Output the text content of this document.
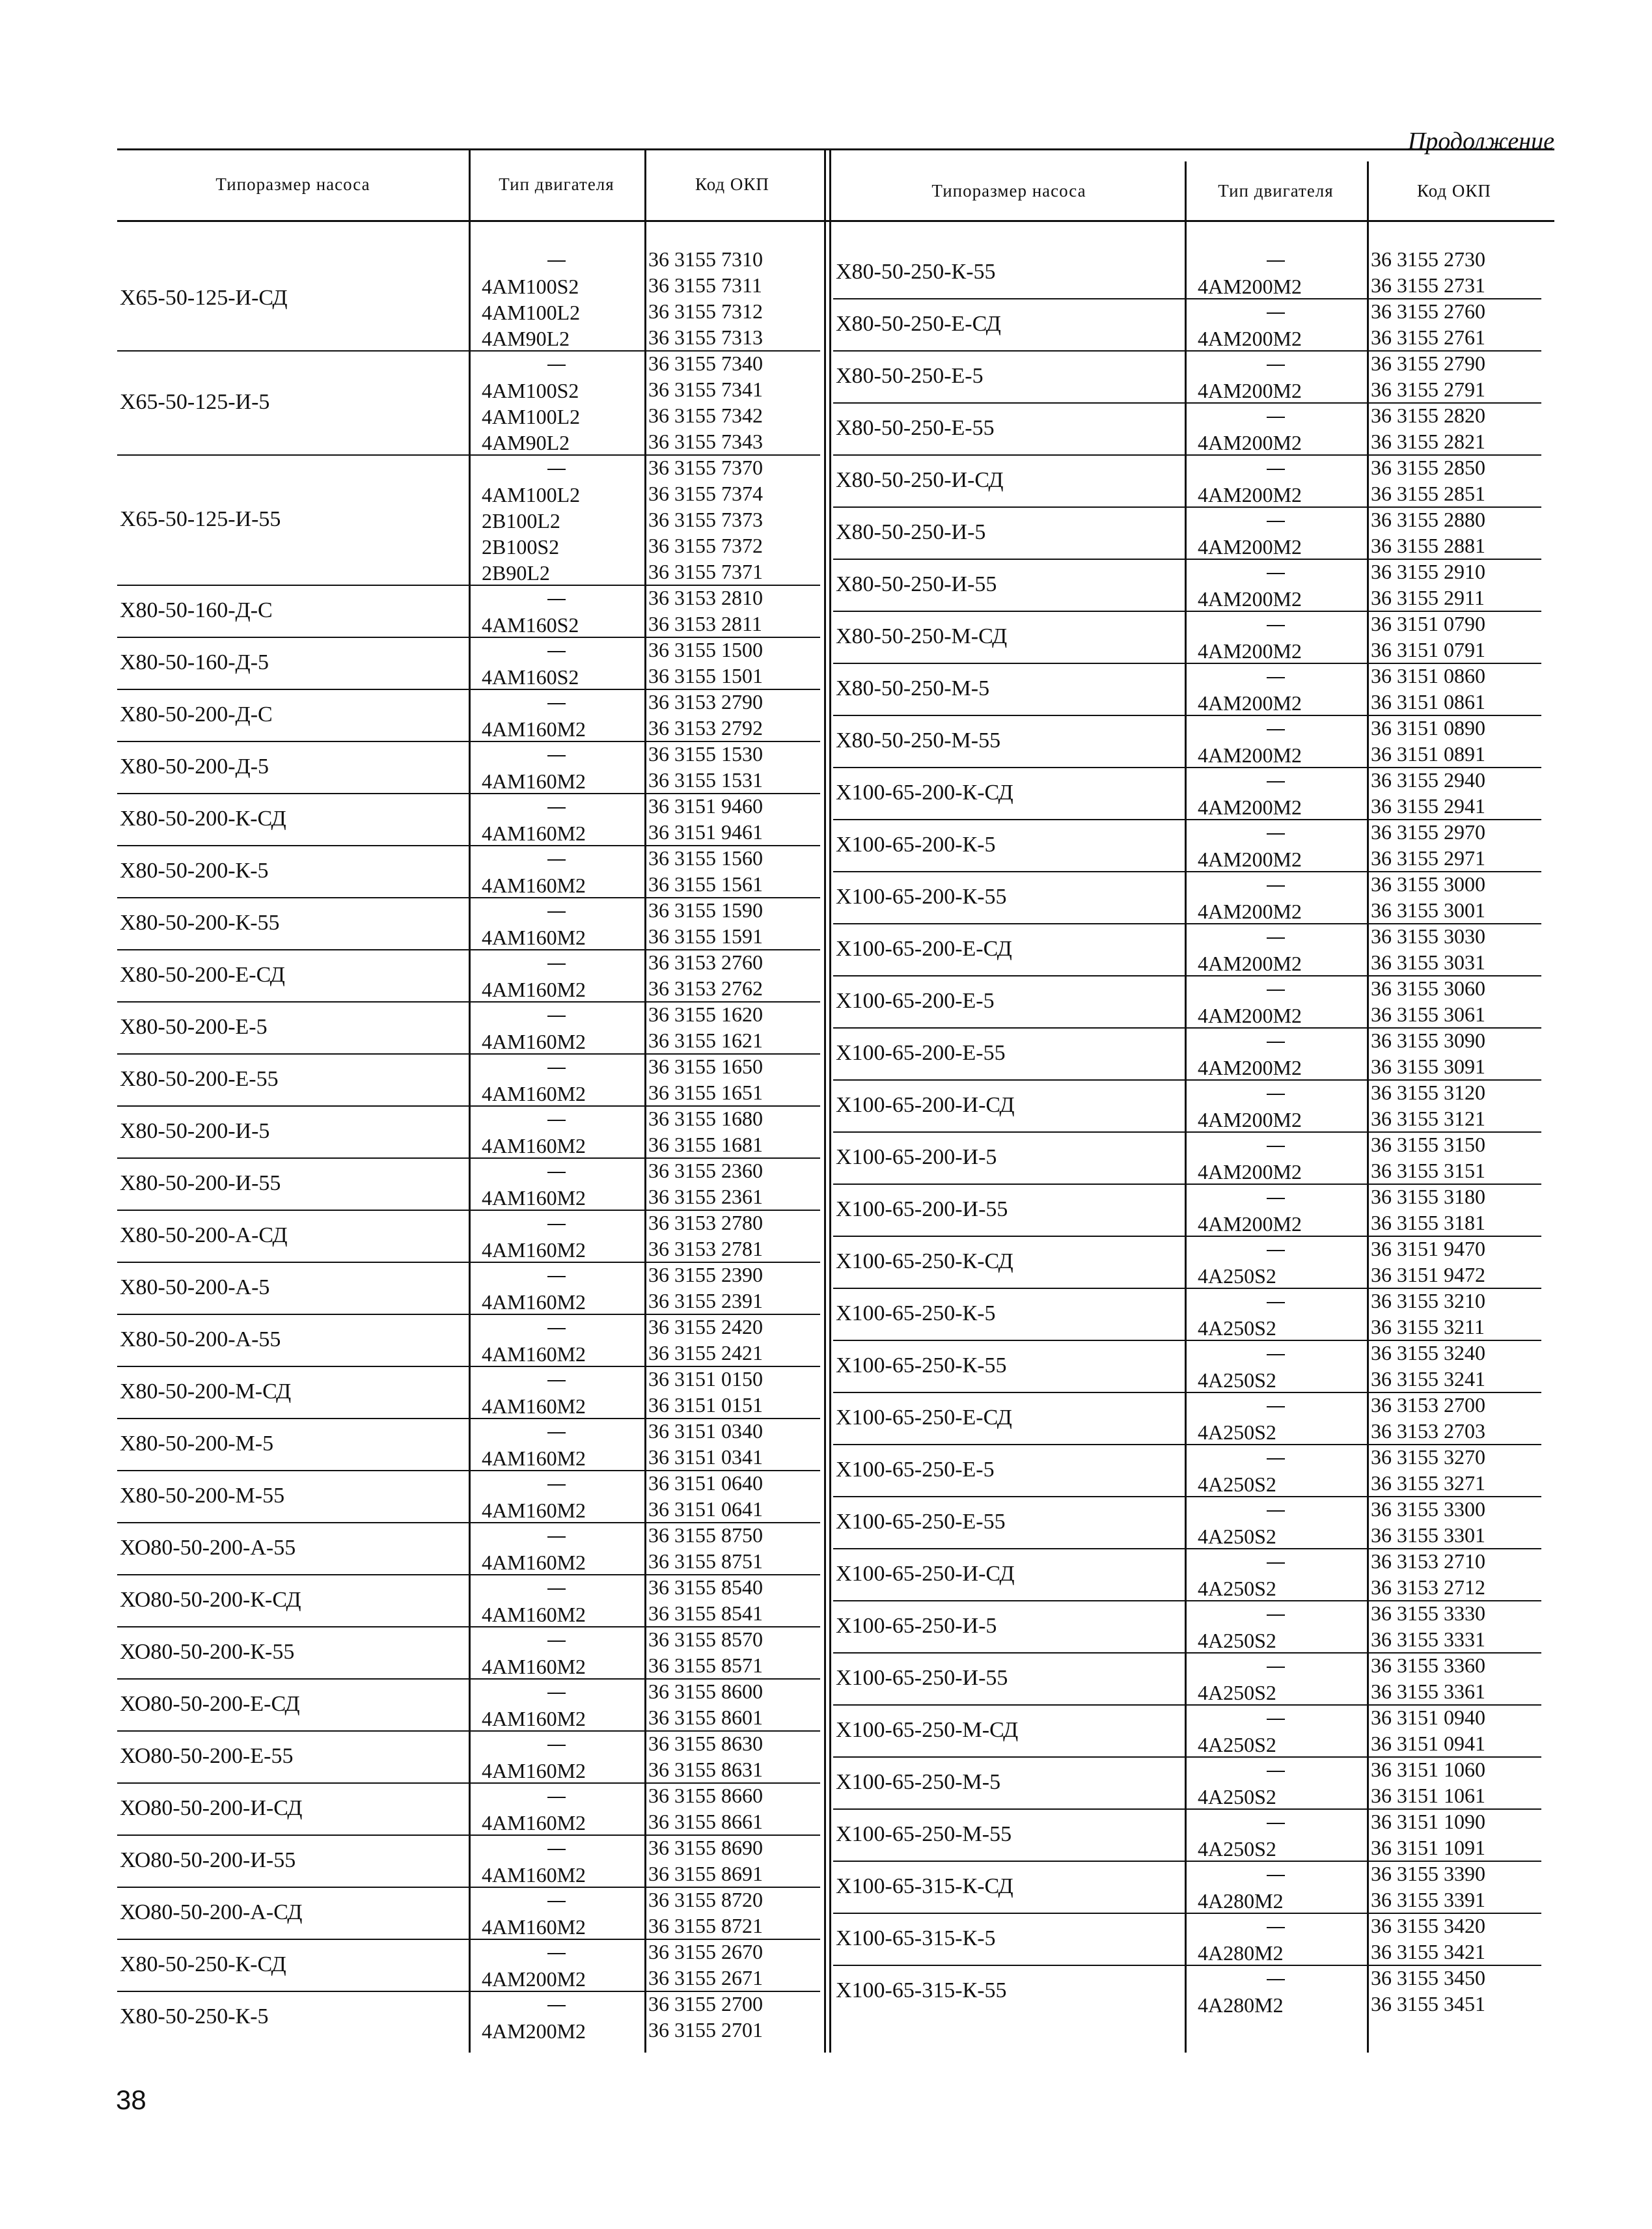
Продолжение
Типоразмер насоса	Тип двигателя	Код ОКП
Х65-50-125-И-СД	4АМ100S2
4АМ100L2
4АМ90L2
36 3155 7310
36 3155 7311
36 3155 7312
36 3155 7313
Х65-50-125-И-5	4АМ100S2
4АМ100L2
4АМ90L2
36 3155 7340
36 3155 7341
36 3155 7342
36 3155 7343
Х65-50-125-И-55
4АМ100L2
2В100L2
2В100S2
2В90L2
36 3155 7370
36 3155 7374
36 3155 7373
36 3155 7372
36 3155 7371
Х80-50-160-Д-С
4АМ160S2
36 3153 2810
36 3153 2811
Х80-50-160-Д-5
4АМ160S2
36 3155 1500
36 3155 1501
Х80-50-200-Д-С
4АМ160М2
36 3153 2790
36 3153 2792
Х80-50-200-Д-5
4АМ160М2
36 3155 1530
36 3155 1531
Х80-50-200-К-СД
4АМ160М2
36 3151 9460
36 3151 9461
Х80-50-200-К-5
4АМ160М2
36 3155 1560
36 3155 1561
Х80-50-200-К-55
4АМ160М2
36 3155 1590
36 3155 1591
Х80-50-200-Е-СД
4АМ160М2
36 3153 2760
36 3153 2762
Х80-50-200-Е-5
4АМ160М2
36 3155 1620
36 3155 1621
Х80-50-200-Е-55
4АМ160М2
36 3155 1650
36 3155 1651
Х80-50-200-И-5
4АМ160М2
36 3155 1680
36 3155 1681
Х80-50-200-И-55
4АМ160М2
36 3155 2360
36 3155 2361
Х80-50-200-А-СД
4АМ160М2
36 3153 2780
36 3153 2781
Х80-50-200-А-5
4АМ160М2
36 3155 2390
36 3155 2391
Х80-50-200-А-55
4АМ160М2
36 3155 2420
36 3155 2421
Х80-50-200-М-СД
4АМ160М2
36 3151 0150
36 3151 0151
Х80-50-200-М-5
4АМ160М2
36 3151 0340
36 3151 0341
Х80-50-200-М-55
4АМ160М2
36 3151 0640
36 3151 0641
ХО80-50-200-А-55
4АМ160М2
36 3155 8750
36 3155 8751
ХО80-50-200-К-СД
4АМ160М2
36 3155 8540
36 3155 8541
ХО80-50-200-К-55
4АМ160М2
36 3155 8570
36 3155 8571
ХО80-50-200-Е-СД
4АМ160М2
36 3155 8600
36 3155 8601
ХО80-50-200-Е-55
4АМ160М2
36 3155 8630
36 3155 8631
ХО80-50-200-И-СД
4АМ160М2
36 3155 8660
36 3155 8661
ХО80-50-200-И-55
4АМ160М2
36 3155 8690
36 3155 8691
ХО80-50-200-А-СД
4АМ160М2
36 3155 8720
36 3155 8721
Х80-50-250-К-СД
4АМ200М2
36 3155 2670
36 3155 2671
Х80-50-250-К-5
4АМ200М2
36 3155 2700
36 3155 2701
Типоразмер насоса	Тип двигателя	Код ОКП
Х80-50-250-К-55
4АМ200М2
36 3155 2730
36 3155 2731
Х80-50-250-Е-СД
4АМ200М2
36 3155 2760
36 3155 2761
Х80-50-250-Е-5
4АМ200М2
36 3155 2790
36 3155 2791
Х80-50-250-Е-55
4АМ200М2
36 3155 2820
36 3155 2821
Х80-50-250-И-СД
4АМ200М2
36 3155 2850
36 3155 2851
Х80-50-250-И-5
4АМ200М2
36 3155 2880
36 3155 2881
Х80-50-250-И-55
4АМ200М2
36 3155 2910
36 3155 2911
Х80-50-250-М-СД
4АМ200М2
36 3151 0790
36 3151 0791
Х80-50-250-М-5
4АМ200М2
36 3151 0860
36 3151 0861
Х80-50-250-М-55
4АМ200М2
36 3151 0890
36 3151 0891
Х100-65-200-К-СД
4АМ200М2
36 3155 2940
36 3155 2941
Х100-65-200-К-5
4АМ200М2
36 3155 2970
36 3155 2971
Х100-65-200-К-55
4АМ200М2
36 3155 3000
36 3155 3001
Х100-65-200-Е-СД
4АМ200М2
36 3155 3030
36 3155 3031
Х100-65-200-Е-5
4АМ200М2
36 3155 3060
36 3155 3061
Х100-65-200-Е-55
4АМ200М2
36 3155 3090
36 3155 3091
Х100-65-200-И-СД
4АМ200М2
36 3155 3120
36 3155 3121
Х100-65-200-И-5
4АМ200М2
36 3155 3150
36 3155 3151
Х100-65-200-И-55
4АМ200М2
36 3155 3180
36 3155 3181
Х100-65-250-К-СД
4А250S2
36 3151 9470
36 3151 9472
Х100-65-250-К-5
4А250S2
36 3155 3210
36 3155 3211
Х100-65-250-К-55
4А250S2
36 3155 3240
36 3155 3241
Х100-65-250-Е-СД
4А250S2
36 3153 2700
36 3153 2703
Х100-65-250-Е-5
4А250S2
36 3155 3270
36 3155 3271
Х100-65-250-Е-55
4А250S2
36 3155 3300
36 3155 3301
Х100-65-250-И-СД
4А250S2
36 3153 2710
36 3153 2712
Х100-65-250-И-5
4А250S2
36 3155 3330
36 3155 3331
Х100-65-250-И-55
4А250S2
36 3155 3360
36 3155 3361
Х100-65-250-М-СД
4А250S2
36 3151 0940
36 3151 0941
Х100-65-250-М-5
4А250S2
36 3151 1060
36 3151 1061
Х100-65-250-М-55
4А250S2
36 3151 1090
36 3151 1091
Х100-65-315-К-СД
4А280М2
36 3155 3390
36 3155 3391
Х100-65-315-К-5
4А280М2
36 3155 3420
36 3155 3421
Х100-65-315-К-55
4А280М2
36 3155 3450
36 3155 3451
38
